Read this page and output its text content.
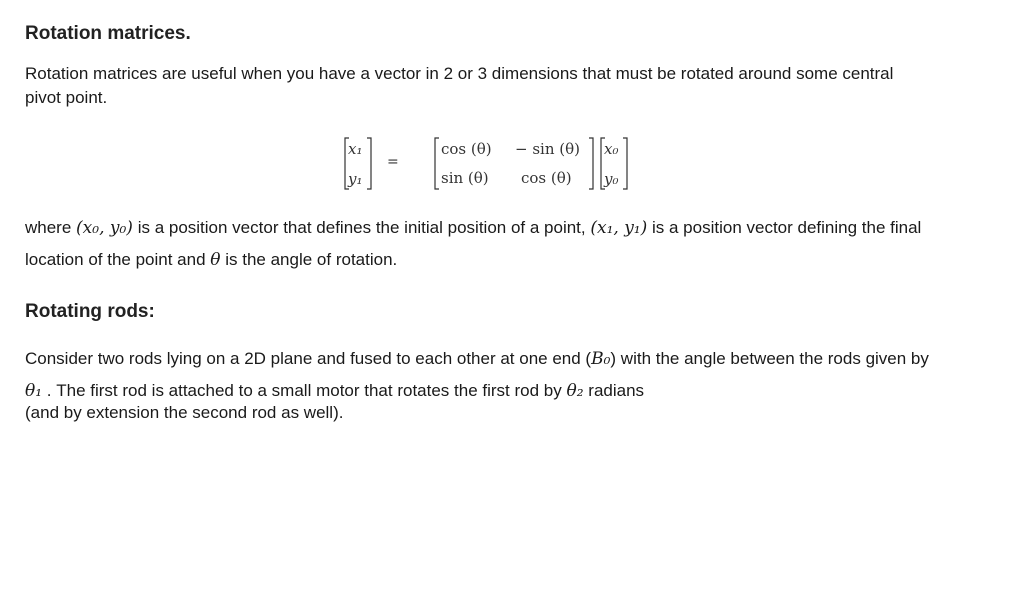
Rotation matrices.

Rotation matrices are useful when you have a vector in 2 or 3 dimensions that must be rotated around some central pivot point.

x₁
y₁
=
cos (θ) − sin (θ)
sin (θ) cos (θ)
x₀
y₀

where (x₀, y₀) is a position vector that defines the initial position of a point, (x₁, y₁) is a position vector defining the final location of the point and θ is the angle of rotation.

Rotating rods:

Consider two rods lying on a 2D plane and fused to each other at one end (B₀) with the angle between the rods given by θ₁ . The first rod is attached to a small motor that rotates the first rod by θ₂ radians
(and by extension the second rod as well).
